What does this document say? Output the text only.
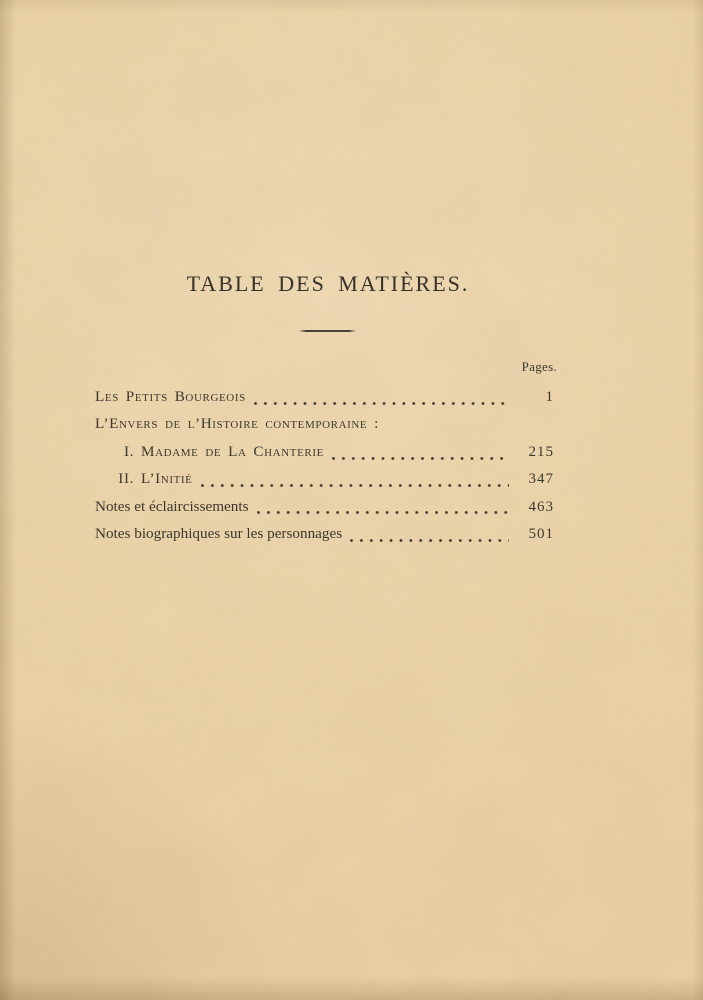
TABLE DES MATIÈRES.
Pages.
Les Petits Bourgeois	1
L’Envers de l’Histoire contemporaine :
I. Madame de La Chanterie	215
II. L’Initié	347
Notes et éclaircissements	463
Notes biographiques sur les personnages	501
